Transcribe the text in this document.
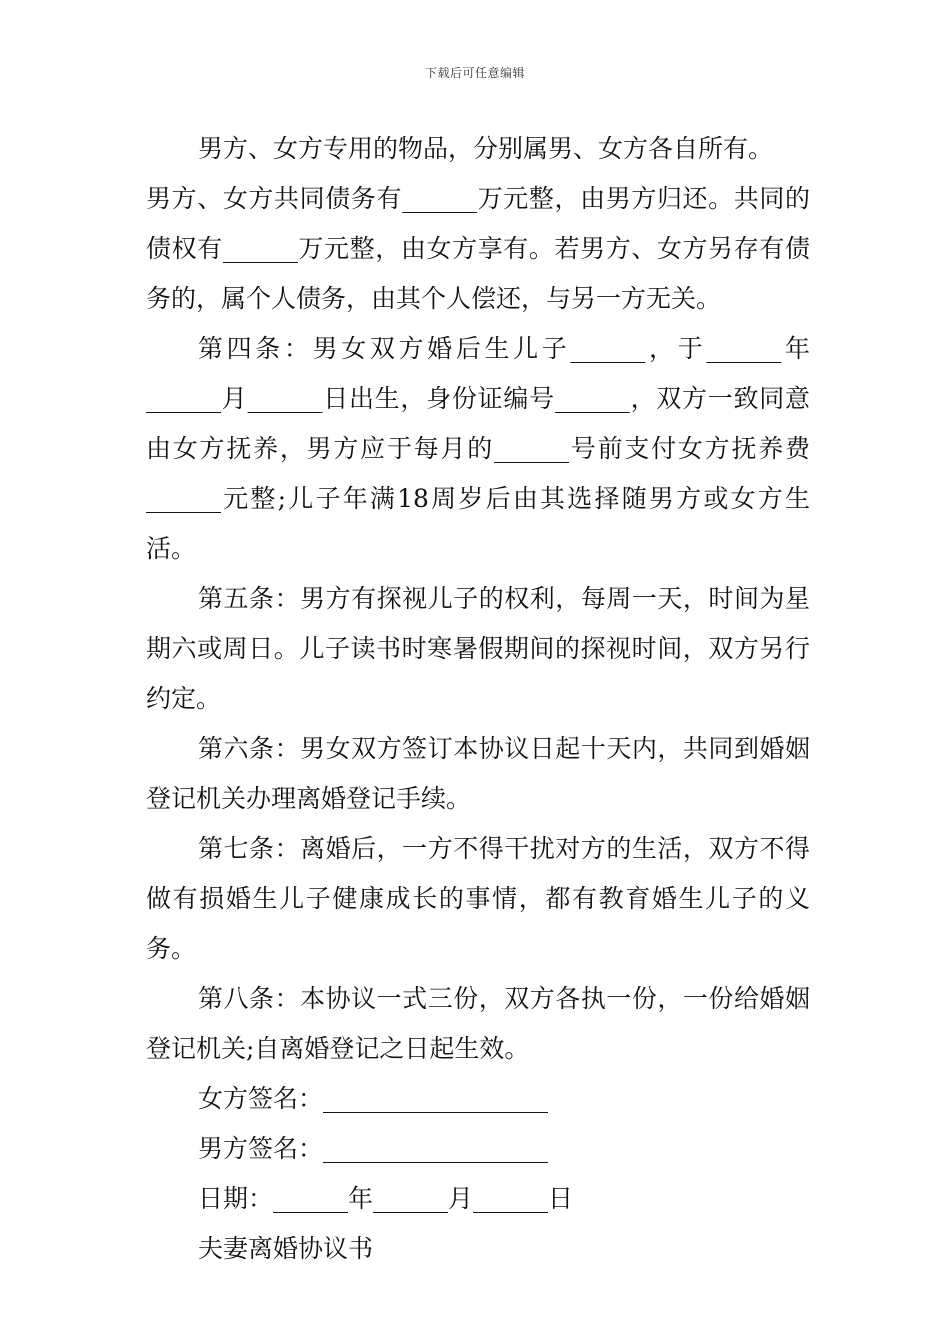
下载后可任意编辑

男方、女方专用的物品，分别属男、女方各自所有。

男方、女方共同债务有______万元整，由男方归还。共同的债权有______万元整，由女方享有。若男方、女方另存有债务的，属个人债务，由其个人偿还，与另一方无关。

第四条：男女双方婚后生儿子______，于______年______月______日出生，身份证编号______，双方一致同意由女方抚养，男方应于每月的______号前支付女方抚养费______元整;儿子年满18周岁后由其选择随男方或女方生活。

第五条：男方有探视儿子的权利，每周一天，时间为星期六或周日。儿子读书时寒暑假期间的探视时间，双方另行约定。

第六条：男女双方签订本协议日起十天内，共同到婚姻登记机关办理离婚登记手续。

第七条：离婚后，一方不得干扰对方的生活，双方不得做有损婚生儿子健康成长的事情，都有教育婚生儿子的义务。

第八条：本协议一式三份，双方各执一份，一份给婚姻登记机关;自离婚登记之日起生效。

女方签名：__________________

男方签名：__________________

日期：______年______月______日

夫妻离婚协议书
